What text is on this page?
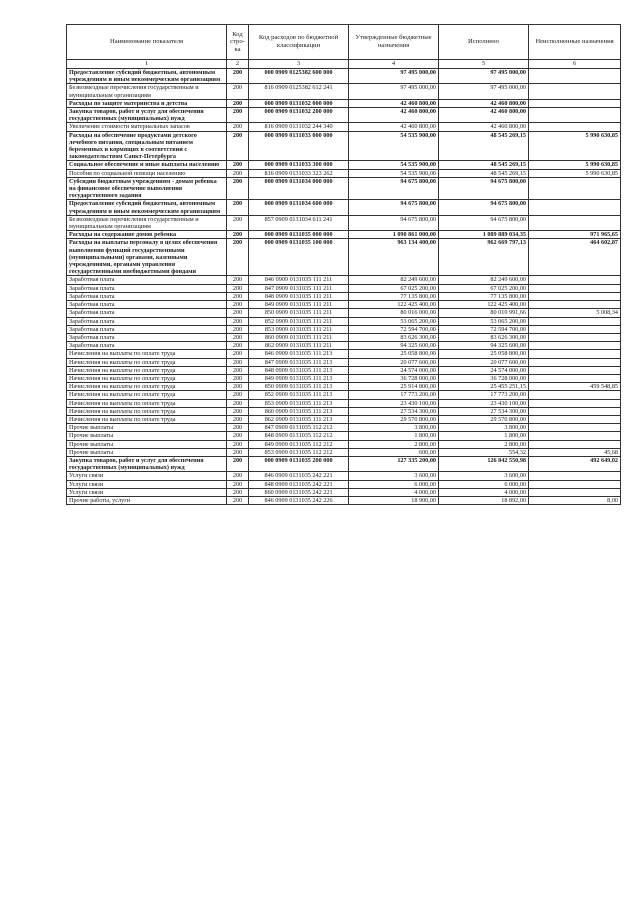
Наименование показателя	Код стро-ка	Код расходов по бюджетной классификации	Утвержденные бюджетные назначения	Исполнено	Неисполненные назначения
1	2	3	4	5	6
Предоставление субсидий бюджетным, автономным учреждениям и иным некоммерческим организациям	200	000 0909 0125382 600 000	97 495 000,00	97 495 000,00	
Безвозмездные перечисления государственным и муниципальным организациям	200	816 0909 0125382 612 241	97 495 000,00	97 495 000,00	
Расходы по защите материнства и детства	200	000 0909 0131032 000 000	42 460 800,00	42 460 800,00	
Закупка товаров, работ и услуг для обеспечения государственных (муниципальных) нужд	200	000 0909 0131032 200 000	42 460 800,00	42 460 800,00	
Увеличение стоимости материальных запасов	200	816 0909 0131032 244 340	42 460 800,00	42 460 800,00	
Расходы на обеспечение продуктами детского лечебного питания, специальным питанием беременных и кормящих в соответствии с законодательством Санкт-Петербурга	200	000 0909 0131033 000 000	54 535 900,00	48 545 269,15	5 990 630,85
Социальное обеспечение и иные выплаты населению	200	000 0909 0131033 300 000	54 535 900,00	48 545 269,15	5 990 630,85
Пособия по социальной помощи населению	200	816 0909 0131033 323 262	54 535 900,00	48 545 269,15	5 990 630,85
Субсидии бюджетным учреждениям - домам ребенка на финансовое обеспечение выполнения государственного задания	200	000 0909 0131034 000 000	94 675 800,00	94 675 800,00	
Предоставление субсидий бюджетным, автономным учреждениям и иным некоммерческим организациям	200	000 0909 0131034 600 000	94 675 800,00	94 675 800,00	
Безвозмездные перечисления государственным и муниципальным организациям	200	857 0909 0131034 611 241	94 675 800,00	94 675 800,00	
Расходы на содержание домов ребенка	200	000 0909 0131035 000 000	1 090 861 000,00	1 089 889 034,35	971 965,65
Расходы на выплаты персоналу в целях обеспечения выполнения функций государственными (муниципальными) органами, казенными учреждениями, органами управления государственными внебюджетными фондами	200	000 0909 0131035 100 000	963 134 400,00	962 669 797,13	464 602,87
Заработная плата	200	846 0909 0131035 111 211	82 249 600,00	82 249 600,00	
Заработная плата	200	847 0909 0131035 111 211	67 025 200,00	67 025 200,00	
Заработная плата	200	848 0909 0131035 111 211	77 135 800,00	77 135 800,00	
Заработная плата	200	849 0909 0131035 111 211	122 425 400,00	122 425 400,00	
Заработная плата	200	850 0909 0131035 111 211	80 016 000,00	80 010 991,66	5 008,34
Заработная плата	200	852 0909 0131035 111 211	53 065 200,00	53 065 200,00	
Заработная плата	200	853 0909 0131035 111 211	72 594 700,00	72 594 700,00	
Заработная плата	200	860 0909 0131035 111 211	83 626 300,00	83 626 300,00	
Заработная плата	200	862 0909 0131035 111 211	94 325 600,00	94 325 600,00	
Начисления на выплаты по оплате труда	200	846 0909 0131035 111 213	25 058 800,00	25 058 800,00	
Начисления на выплаты по оплате труда	200	847 0909 0131035 111 213	20 077 600,00	20 077 600,00	
Начисления на выплаты по оплате труда	200	848 0909 0131035 111 213	24 574 000,00	24 574 000,00	
Начисления на выплаты по оплате труда	200	849 0909 0131035 111 213	36 728 000,00	36 728 000,00	
Начисления на выплаты по оплате труда	200	850 0909 0131035 111 213	25 914 800,00	25 455 251,15	459 548,85
Начисления на выплаты по оплате труда	200	852 0909 0131035 111 213	17 773 200,00	17 773 200,00	
Начисления на выплаты по оплате труда	200	853 0909 0131035 111 213	23 430 100,00	23 430 100,00	
Начисления на выплаты по оплате труда	200	860 0909 0131035 111 213	27 534 300,00	27 534 300,00	
Начисления на выплаты по оплате труда	200	862 0909 0131035 111 213	29 570 800,00	29 570 800,00	
Прочие выплаты	200	847 0909 0131035 112 212	3 800,00	3 800,00	
Прочие выплаты	200	848 0909 0131035 112 212	1 800,00	1 800,00	
Прочие выплаты	200	849 0909 0131035 112 212	2 800,00	2 800,00	
Прочие выплаты	200	853 0909 0131035 112 212	600,00	554,32	45,68
Закупка товаров, работ и услуг для обеспечения государственных (муниципальных) нужд	200	000 0909 0131035 200 000	127 335 200,00	126 842 550,98	492 649,02
Услуги связи	200	846 0909 0131035 242 221	3 600,00	3 600,00	
Услуги связи	200	848 0909 0131035 242 221	6 000,00	6 000,00	
Услуги связи	200	860 0909 0131035 242 221	4 000,00	4 000,00	
Прочие работы, услуги	200	846 0909 0131035 242 226	18 900,00	18 892,00	8,00
